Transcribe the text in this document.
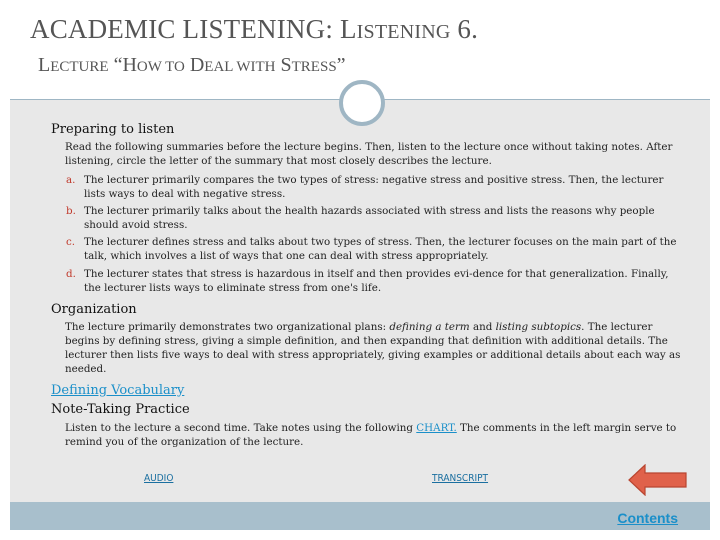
ACADEMIC LISTENING: LISTENING 6.
LECTURE “HOW TO DEAL WITH STRESS”
Preparing to listen
Read the following summaries before the lecture begins. Then, listen to the lecture once without taking notes. After
listening, circle the letter of the summary that most closely describes the lecture.
a. The lecturer primarily compares the two types of stress: negative stress and positive stress. Then, the lecturer
lists ways to deal with negative stress.
b. The lecturer primarily talks about the health hazards associated with stress and lists the reasons why people
should avoid stress.
c. The lecturer defines stress and talks about two types of stress. Then, the lecturer focuses on the main part of the
talk, which involves a list of ways that one can deal with stress appropriately.
d. The lecturer states that stress is hazardous in itself and then provides evi-dence for that generalization. Finally,
the lecturer lists ways to eliminate stress from one's life.
Organization
The lecture primarily demonstrates two organizational plans: defining a term and listing subtopics. The lecturer
begins by defining stress, giving a simple definition, and then expanding that definition with additional details. The
lecturer then lists five ways to deal with stress appropriately, giving examples or additional details about each way as
needed.
Defining Vocabulary
Note-Taking Practice
Listen to the lecture a second time. Take notes using the following CHART. The comments in the left margin serve to
remind you of the organization of the lecture.
AUDIO	TRANSCRIPT
Contents
